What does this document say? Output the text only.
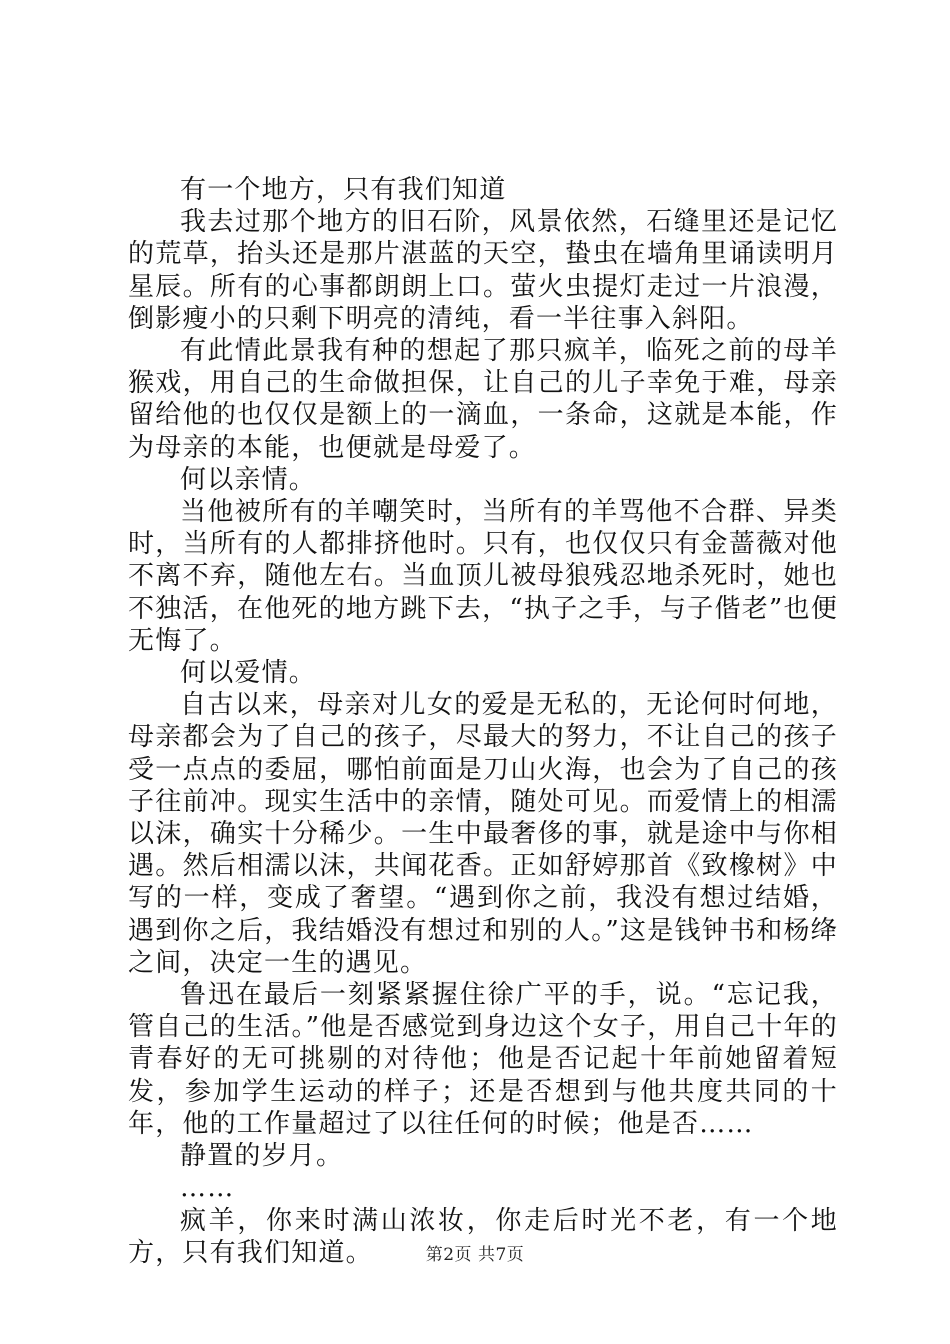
有一个地方，只有我们知道

我去过那个地方的旧石阶，风景依然，石缝里还是记忆的荒草，抬头还是那片湛蓝的天空，蛰虫在墙角里诵读明月星辰。所有的心事都朗朗上口。萤火虫提灯走过一片浪漫，倒影瘦小的只剩下明亮的清纯，看一半往事入斜阳。

有此情此景我有种的想起了那只疯羊，临死之前的母羊猴戏，用自己的生命做担保，让自己的儿子幸免于难，母亲留给他的也仅仅是额上的一滴血，一条命，这就是本能，作为母亲的本能，也便就是母爱了。

何以亲情。

当他被所有的羊嘲笑时，当所有的羊骂他不合群、异类时，当所有的人都排挤他时。只有，也仅仅只有金蔷薇对他不离不弃，随他左右。当血顶儿被母狼残忍地杀死时，她也不独活，在他死的地方跳下去，“执子之手，与子偕老”也便无悔了。

何以爱情。

自古以来，母亲对儿女的爱是无私的，无论何时何地，母亲都会为了自己的孩子，尽最大的努力，不让自己的孩子受一点点的委屈，哪怕前面是刀山火海，也会为了自己的孩子往前冲。现实生活中的亲情，随处可见。而爱情上的相濡以沫，确实十分稀少。一生中最奢侈的事，就是途中与你相遇。然后相濡以沫，共闻花香。正如舒婷那首《致橡树》中写的一样，变成了奢望。“遇到你之前，我没有想过结婚，遇到你之后，我结婚没有想过和别的人。”这是钱钟书和杨绛之间，决定一生的遇见。

鲁迅在最后一刻紧紧握住徐广平的手，说。“忘记我，管自己的生活。”他是否感觉到身边这个女子，用自己十年的青春好的无可挑剔的对待他；他是否记起十年前她留着短发，参加学生运动的样子；还是否想到与他共度共同的十年，他的工作量超过了以往任何的时候；他是否……

静置的岁月。

……

疯羊，你来时满山浓妆，你走后时光不老，有一个地方，只有我们知道。	第2页 共7页
